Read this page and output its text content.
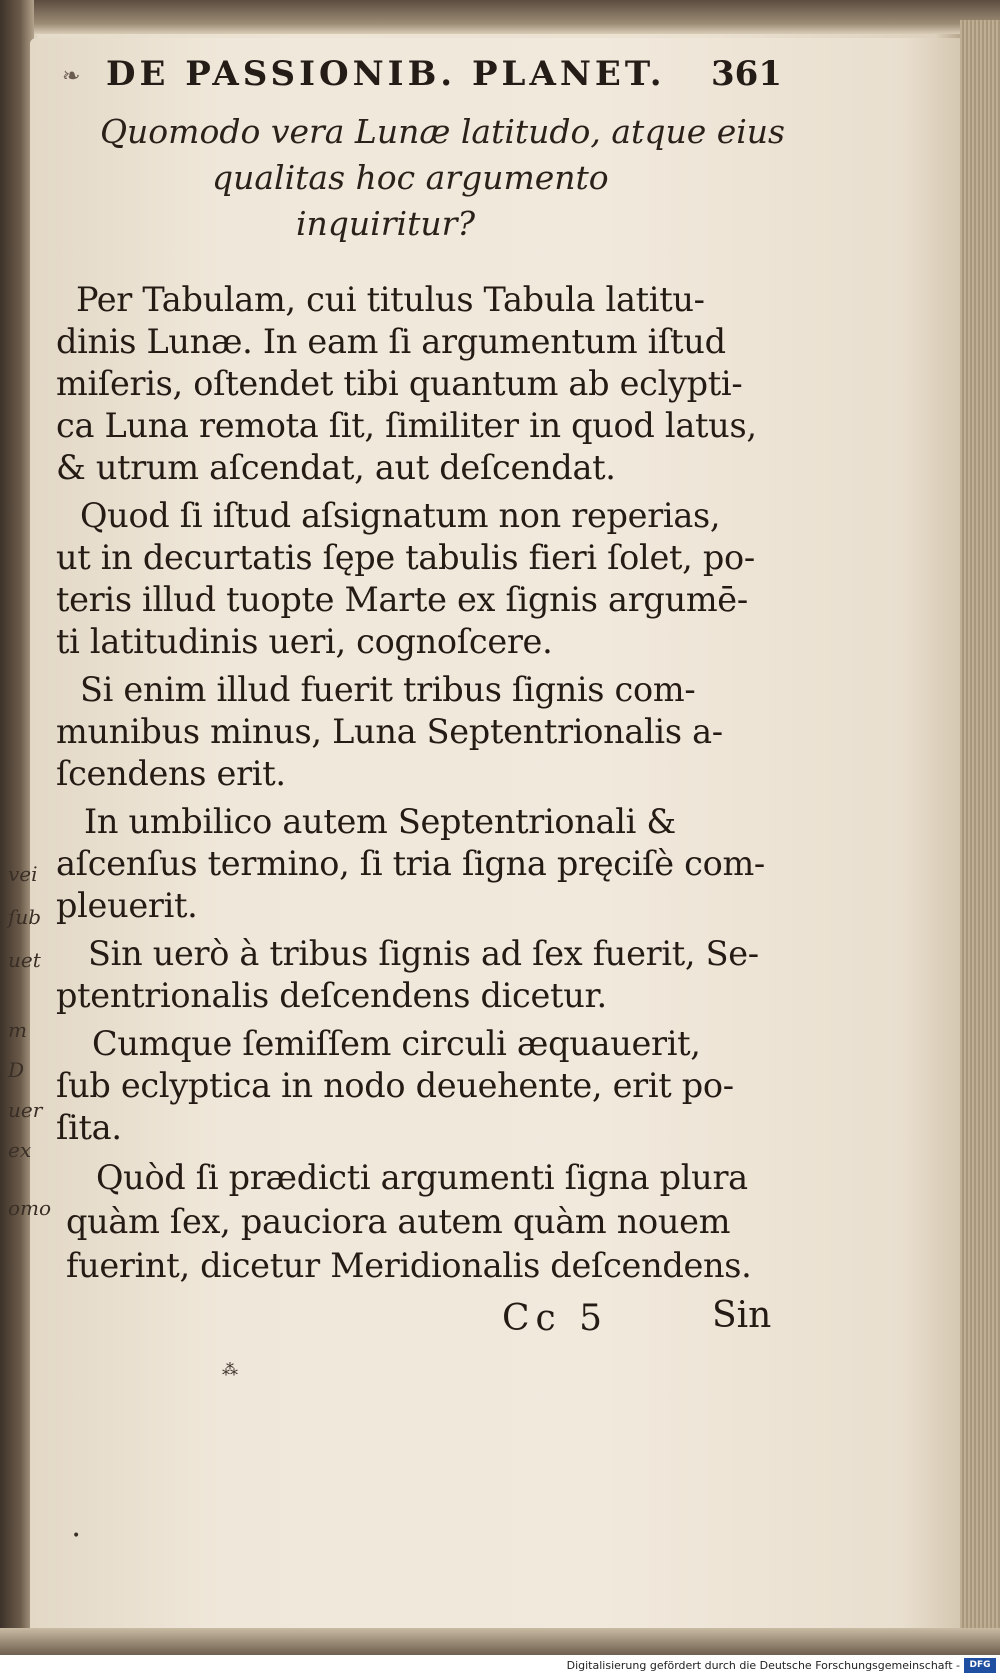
vei
ſub
uet
m
D
uer
ex
omo
❧ DE PASSIONIB. PLANET. 361
Quomodo vera Lunæ latitudo, atque eius
qualitas hoc argumento
inquiritur?
Per Tabulam, cui titulus Tabula latitu-
dinis Lunæ. In eam ſi argumentum iſtud
miſeris, oſtendet tibi quantum ab eclypti-
ca Luna remota ſit, ſimiliter in quod latus,
& utrum aſcendat, aut deſcendat.
Quod ſi iſtud aſsignatum non reperias,
ut in decurtatis ſępe tabulis fieri ſolet, po-
teris illud tuopte Marte ex ſignis argumē-
ti latitudinis ueri, cognoſcere.
Si enim illud fuerit tribus ſignis com-
munibus minus, Luna Septentrionalis a-
ſcendens erit.
In umbilico autem Septentrionali &
aſcenſus termino, ſi tria ſigna pręciſè com-
pleuerit.
Sin uerò à tribus ſignis ad ſex fuerit, Se-
ptentrionalis deſcendens dicetur.
Cumque ſemiſſem circuli æquauerit,
ſub eclyptica in nodo deuehente, erit po-
ſita.
Quòd ſi prædicti argumenti ſigna plura
quàm ſex, pauciora autem quàm nouem
fuerint, dicetur Meridionalis deſcendens.
Cc 5	Sin
⁂
•
Digitalisierung gefördert durch die Deutsche Forschungsgemeinschaft -	DFG
